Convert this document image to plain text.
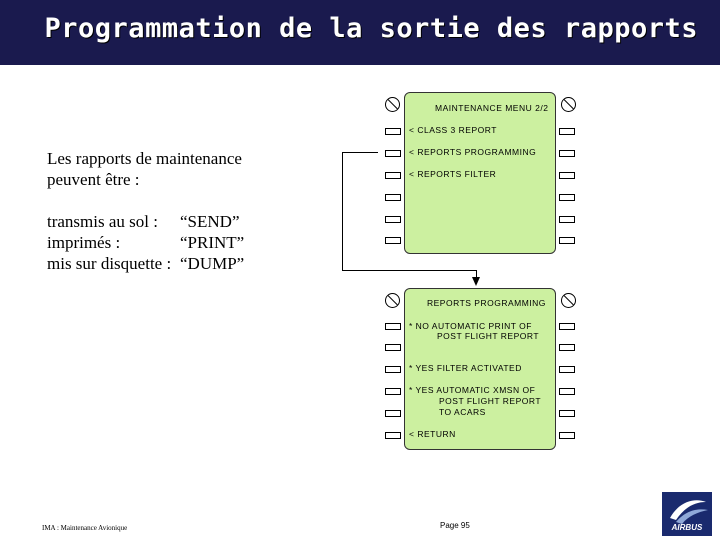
Programmation de la sortie des rapports
Les rapports de maintenance
peuvent être :
transmis au sol : “SEND”
imprimés :	“PRINT”
mis sur disquette : “DUMP”
MAINTENANCE MENU 2/2
< CLASS 3 REPORT
< REPORTS PROGRAMMING
< REPORTS FILTER
REPORTS PROGRAMMING
* NO AUTOMATIC PRINT OF
POST FLIGHT REPORT
* YES FILTER ACTIVATED
* YES AUTOMATIC XMSN OF
POST FLIGHT REPORT
TO ACARS
< RETURN
IMA : Maintenance Avionique	Page 95	AIRBUS
